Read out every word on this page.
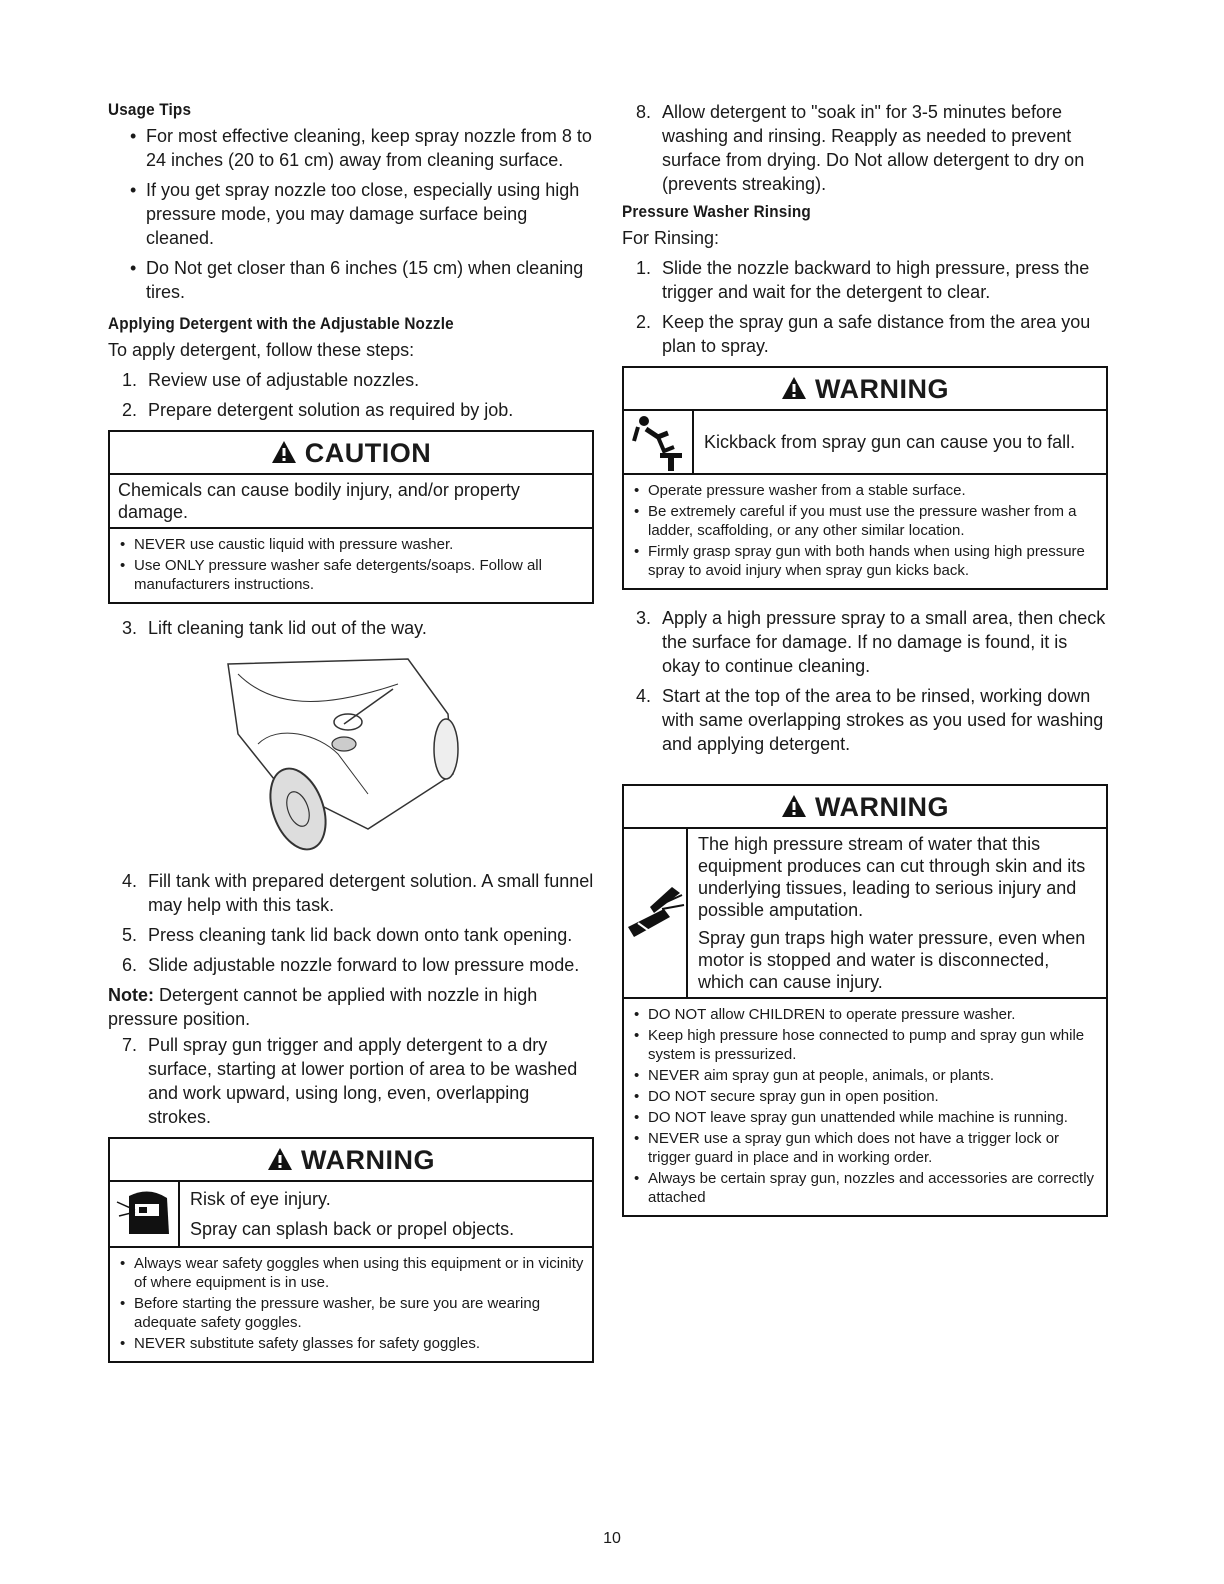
Usage Tips
• For most effective cleaning, keep spray nozzle from 8 to 24 inches (20 to 61 cm) away from cleaning surface.
• If you get spray nozzle too close, especially using high pressure mode, you may damage surface being cleaned.
• Do Not get closer than 6 inches (15 cm) when cleaning tires.
Applying Detergent with the Adjustable Nozzle
To apply detergent, follow these steps:
1. Review use of adjustable nozzles.
2. Prepare detergent solution as required by job.
CAUTION
Chemicals can cause bodily injury, and/or property damage.
• NEVER use caustic liquid with pressure washer.
• Use ONLY pressure washer safe detergents/soaps. Follow all manufacturers instructions.
3. Lift cleaning tank lid out of the way.
4. Fill tank with prepared detergent solution. A small funnel may help with this task.
5. Press cleaning tank lid back down onto tank opening.
6. Slide adjustable nozzle forward to low pressure mode.
Note: Detergent cannot be applied with nozzle in high pressure position.
7. Pull spray gun trigger and apply detergent to a dry surface, starting at lower portion of area to be washed and work upward, using long, even, overlapping strokes.
WARNING
Risk of eye injury.
Spray can splash back or propel objects.
• Always wear safety goggles when using this equipment or in vicinity of where equipment is in use.
• Before starting the pressure washer, be sure you are wearing adequate safety goggles.
• NEVER substitute safety glasses for safety goggles.
8. Allow detergent to "soak in" for 3-5 minutes before washing and rinsing. Reapply as needed to prevent surface from drying. Do Not allow detergent to dry on (prevents streaking).
Pressure Washer Rinsing
For Rinsing:
1. Slide the nozzle backward to high pressure, press the trigger and wait for the detergent to clear.
2. Keep the spray gun a safe distance from the area you plan to spray.
WARNING
Kickback from spray gun can cause you to fall.
• Operate pressure washer from a stable surface.
• Be extremely careful if you must use the pressure washer from a ladder, scaffolding, or any other similar location.
• Firmly grasp spray gun with both hands when using high pressure spray to avoid injury when spray gun kicks back.
3. Apply a high pressure spray to a small area, then check the surface for damage. If no damage is found, it is okay to continue cleaning.
4. Start at the top of the area to be rinsed, working down with same overlapping strokes as you used for washing and applying detergent.
WARNING
The high pressure stream of water that this equipment produces can cut through skin and its underlying tissues, leading to serious injury and possible amputation.
Spray gun traps high water pressure, even when motor is stopped and water is disconnected, which can cause injury.
• DO NOT allow CHILDREN to operate pressure washer.
• Keep high pressure hose connected to pump and spray gun while system is pressurized.
• NEVER aim spray gun at people, animals, or plants.
• DO NOT secure spray gun in open position.
• DO NOT leave spray gun unattended while machine is running.
• NEVER use a spray gun which does not have a trigger lock or trigger guard in place and in working order.
• Always be certain spray gun, nozzles and accessories are correctly attached
10
